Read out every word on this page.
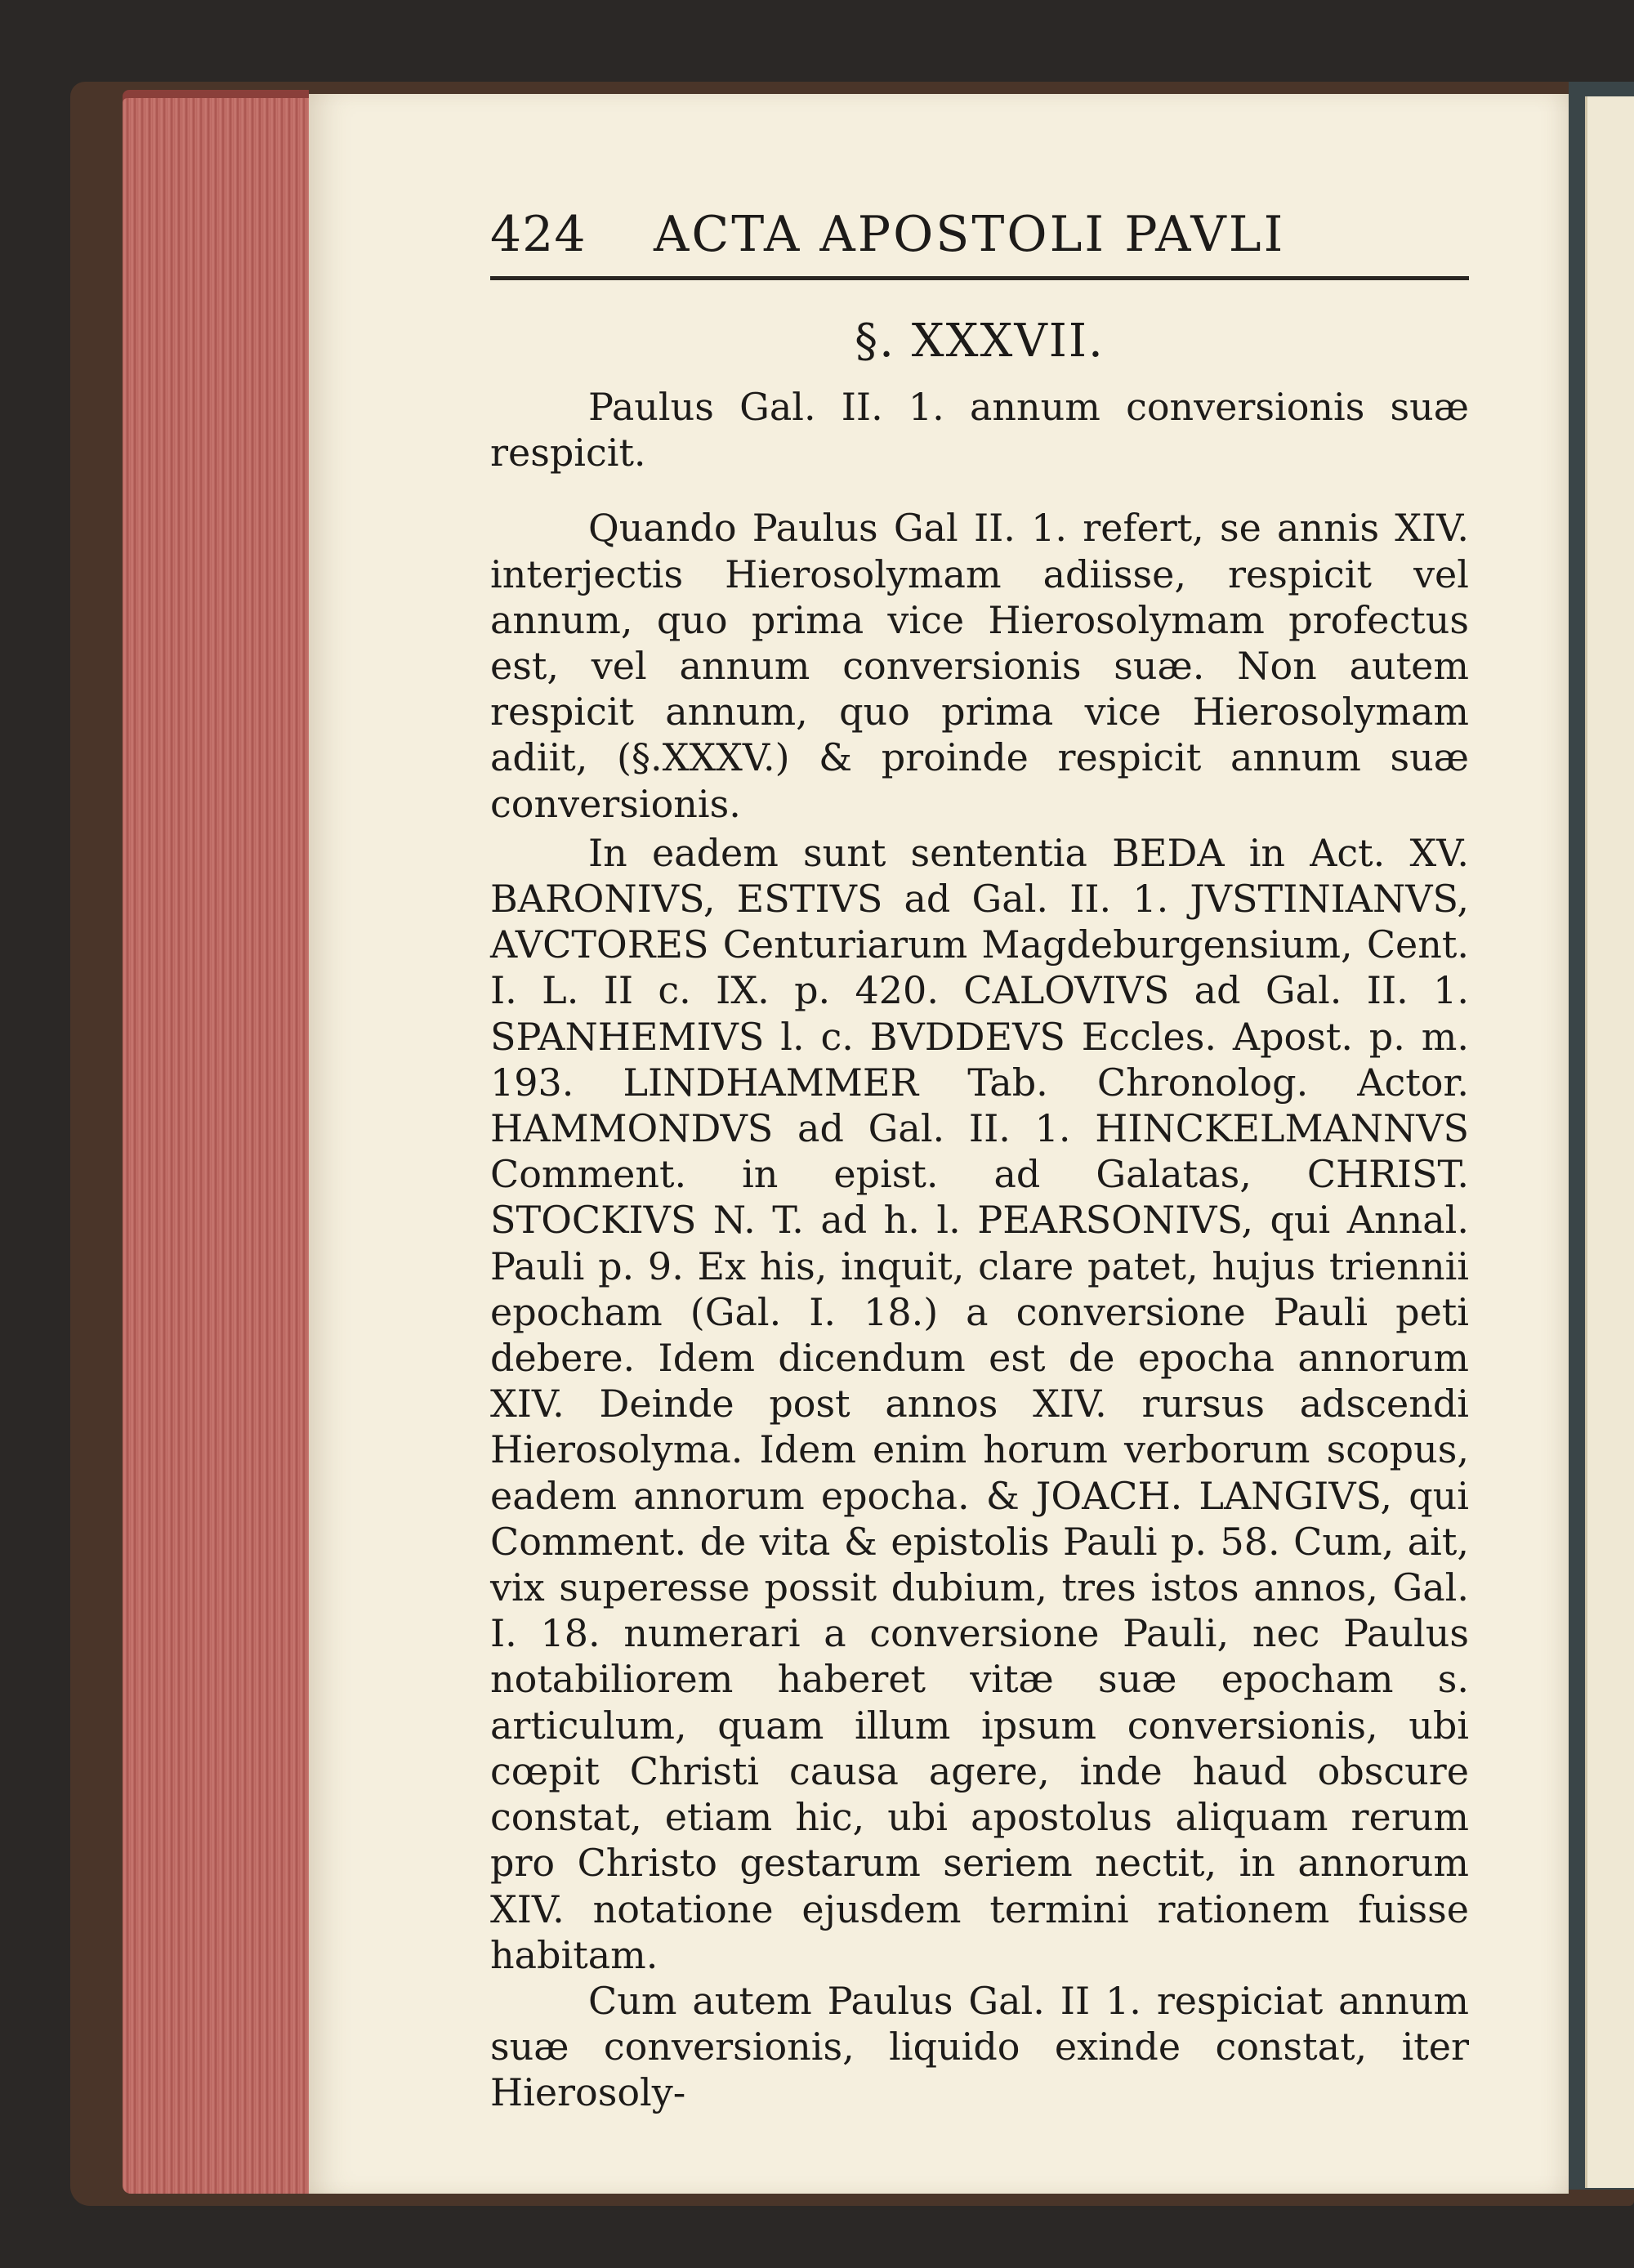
424 ACTA APOSTOLI PAVLI
§. XXXVII.

Paulus Gal. II. 1. annum conversionis suæ respicit.

Quando Paulus Gal II. 1. refert, se annis XIV. interjectis Hierosolymam adiisse, respicit vel annum, quo prima vice Hierosolymam profectus est, vel annum conversionis suæ. Non autem respicit annum, quo prima vice Hierosolymam adiit, (§.XXXV.) & proinde respicit annum suæ conversionis.

In eadem sunt sententia BEDA in Act. XV. BARONIVS, ESTIVS ad Gal. II. 1. JVSTINIANVS, AVCTORES Centuriarum Magdeburgensium, Cent. I. L. II c. IX. p. 420. CALOVIVS ad Gal. II. 1. SPANHEMIVS l. c. BVDDEVS Eccles. Apost. p. m. 193. LINDHAMMER Tab. Chronolog. Actor. HAMMONDVS ad Gal. II. 1. HINCKELMANNVS Comment. in epist. ad Galatas, CHRIST. STOCKIVS N. T. ad h. l. PEARSONIVS, qui Annal. Pauli p. 9. Ex his, inquit, clare patet, hujus triennii epocham (Gal. I. 18.) a conversione Pauli peti debere. Idem dicendum est de epocha annorum XIV. Deinde post annos XIV. rursus adscendi Hierosolyma. Idem enim horum verborum scopus, eadem annorum epocha. & JOACH. LANGIVS, qui Comment. de vita & epistolis Pauli p. 58. Cum, ait, vix superesse possit dubium, tres istos annos, Gal. I. 18. numerari a conversione Pauli, nec Paulus notabiliorem haberet vitæ suæ epocham s. articulum, quam illum ipsum conversionis, ubi cœpit Christi causa agere, inde haud obscure constat, etiam hic, ubi apostolus aliquam rerum pro Christo gestarum seriem nectit, in annorum XIV. notatione ejusdem termini rationem fuisse habitam.

Cum autem Paulus Gal. II 1. respiciat annum suæ conversionis, liquido exinde constat, iter Hierosoly-
